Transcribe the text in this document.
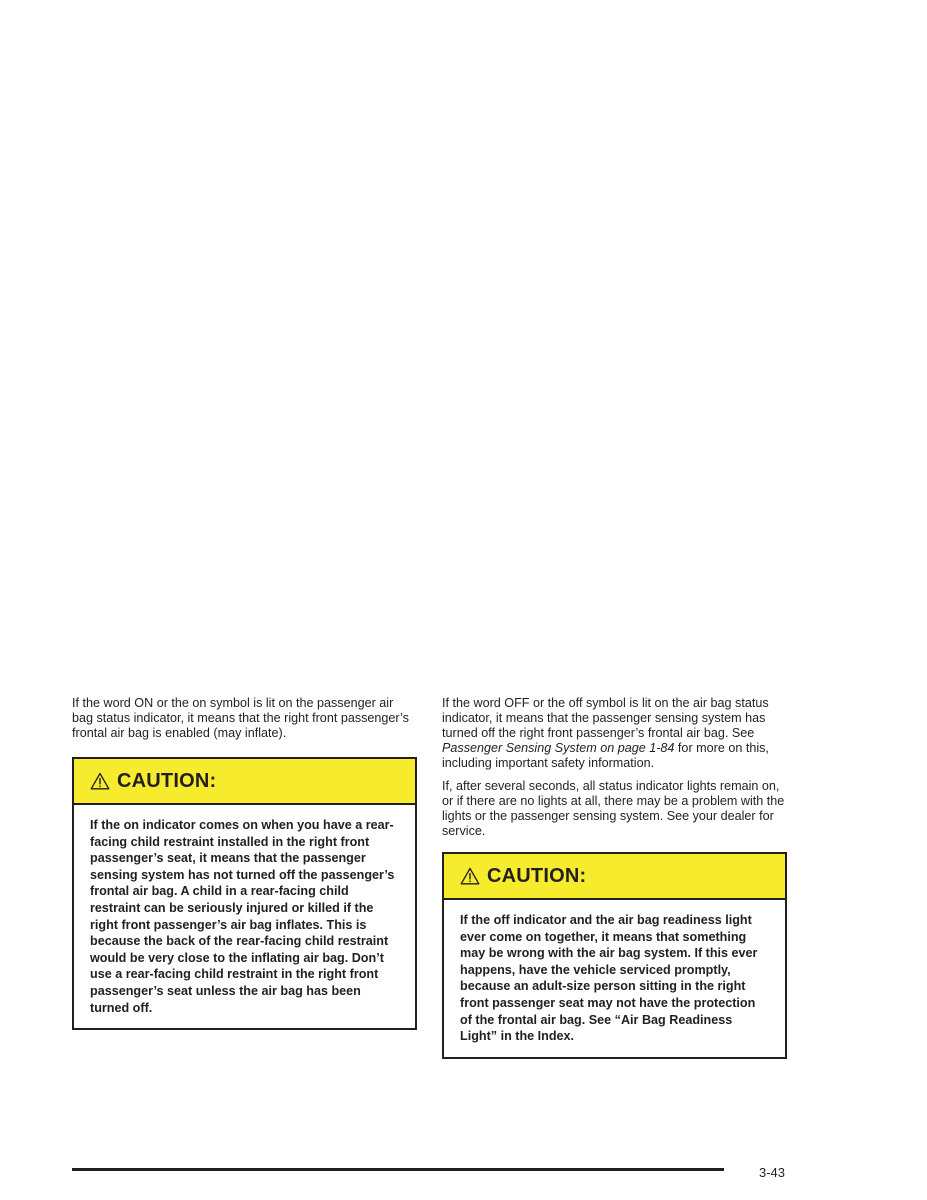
If the word ON or the on symbol is lit on the passenger air bag status indicator, it means that the right front passenger’s frontal air bag is enabled (may inflate).

CAUTION:
If the on indicator comes on when you have a rear-facing child restraint installed in the right front passenger’s seat, it means that the passenger sensing system has not turned off the passenger’s frontal air bag. A child in a rear-facing child restraint can be seriously injured or killed if the right front passenger’s air bag inflates. This is because the back of the rear-facing child restraint would be very close to the inflating air bag. Don’t use a rear-facing child restraint in the right front passenger’s seat unless the air bag has been turned off.

If the word OFF or the off symbol is lit on the air bag status indicator, it means that the passenger sensing system has turned off the right front passenger’s frontal air bag. See Passenger Sensing System on page 1-84 for more on this, including important safety information.

If, after several seconds, all status indicator lights remain on, or if there are no lights at all, there may be a problem with the lights or the passenger sensing system. See your dealer for service.

CAUTION:
If the off indicator and the air bag readiness light ever come on together, it means that something may be wrong with the air bag system. If this ever happens, have the vehicle serviced promptly, because an adult-size person sitting in the right front passenger seat may not have the protection of the frontal air bag. See “Air Bag Readiness Light” in the Index.
3-43
